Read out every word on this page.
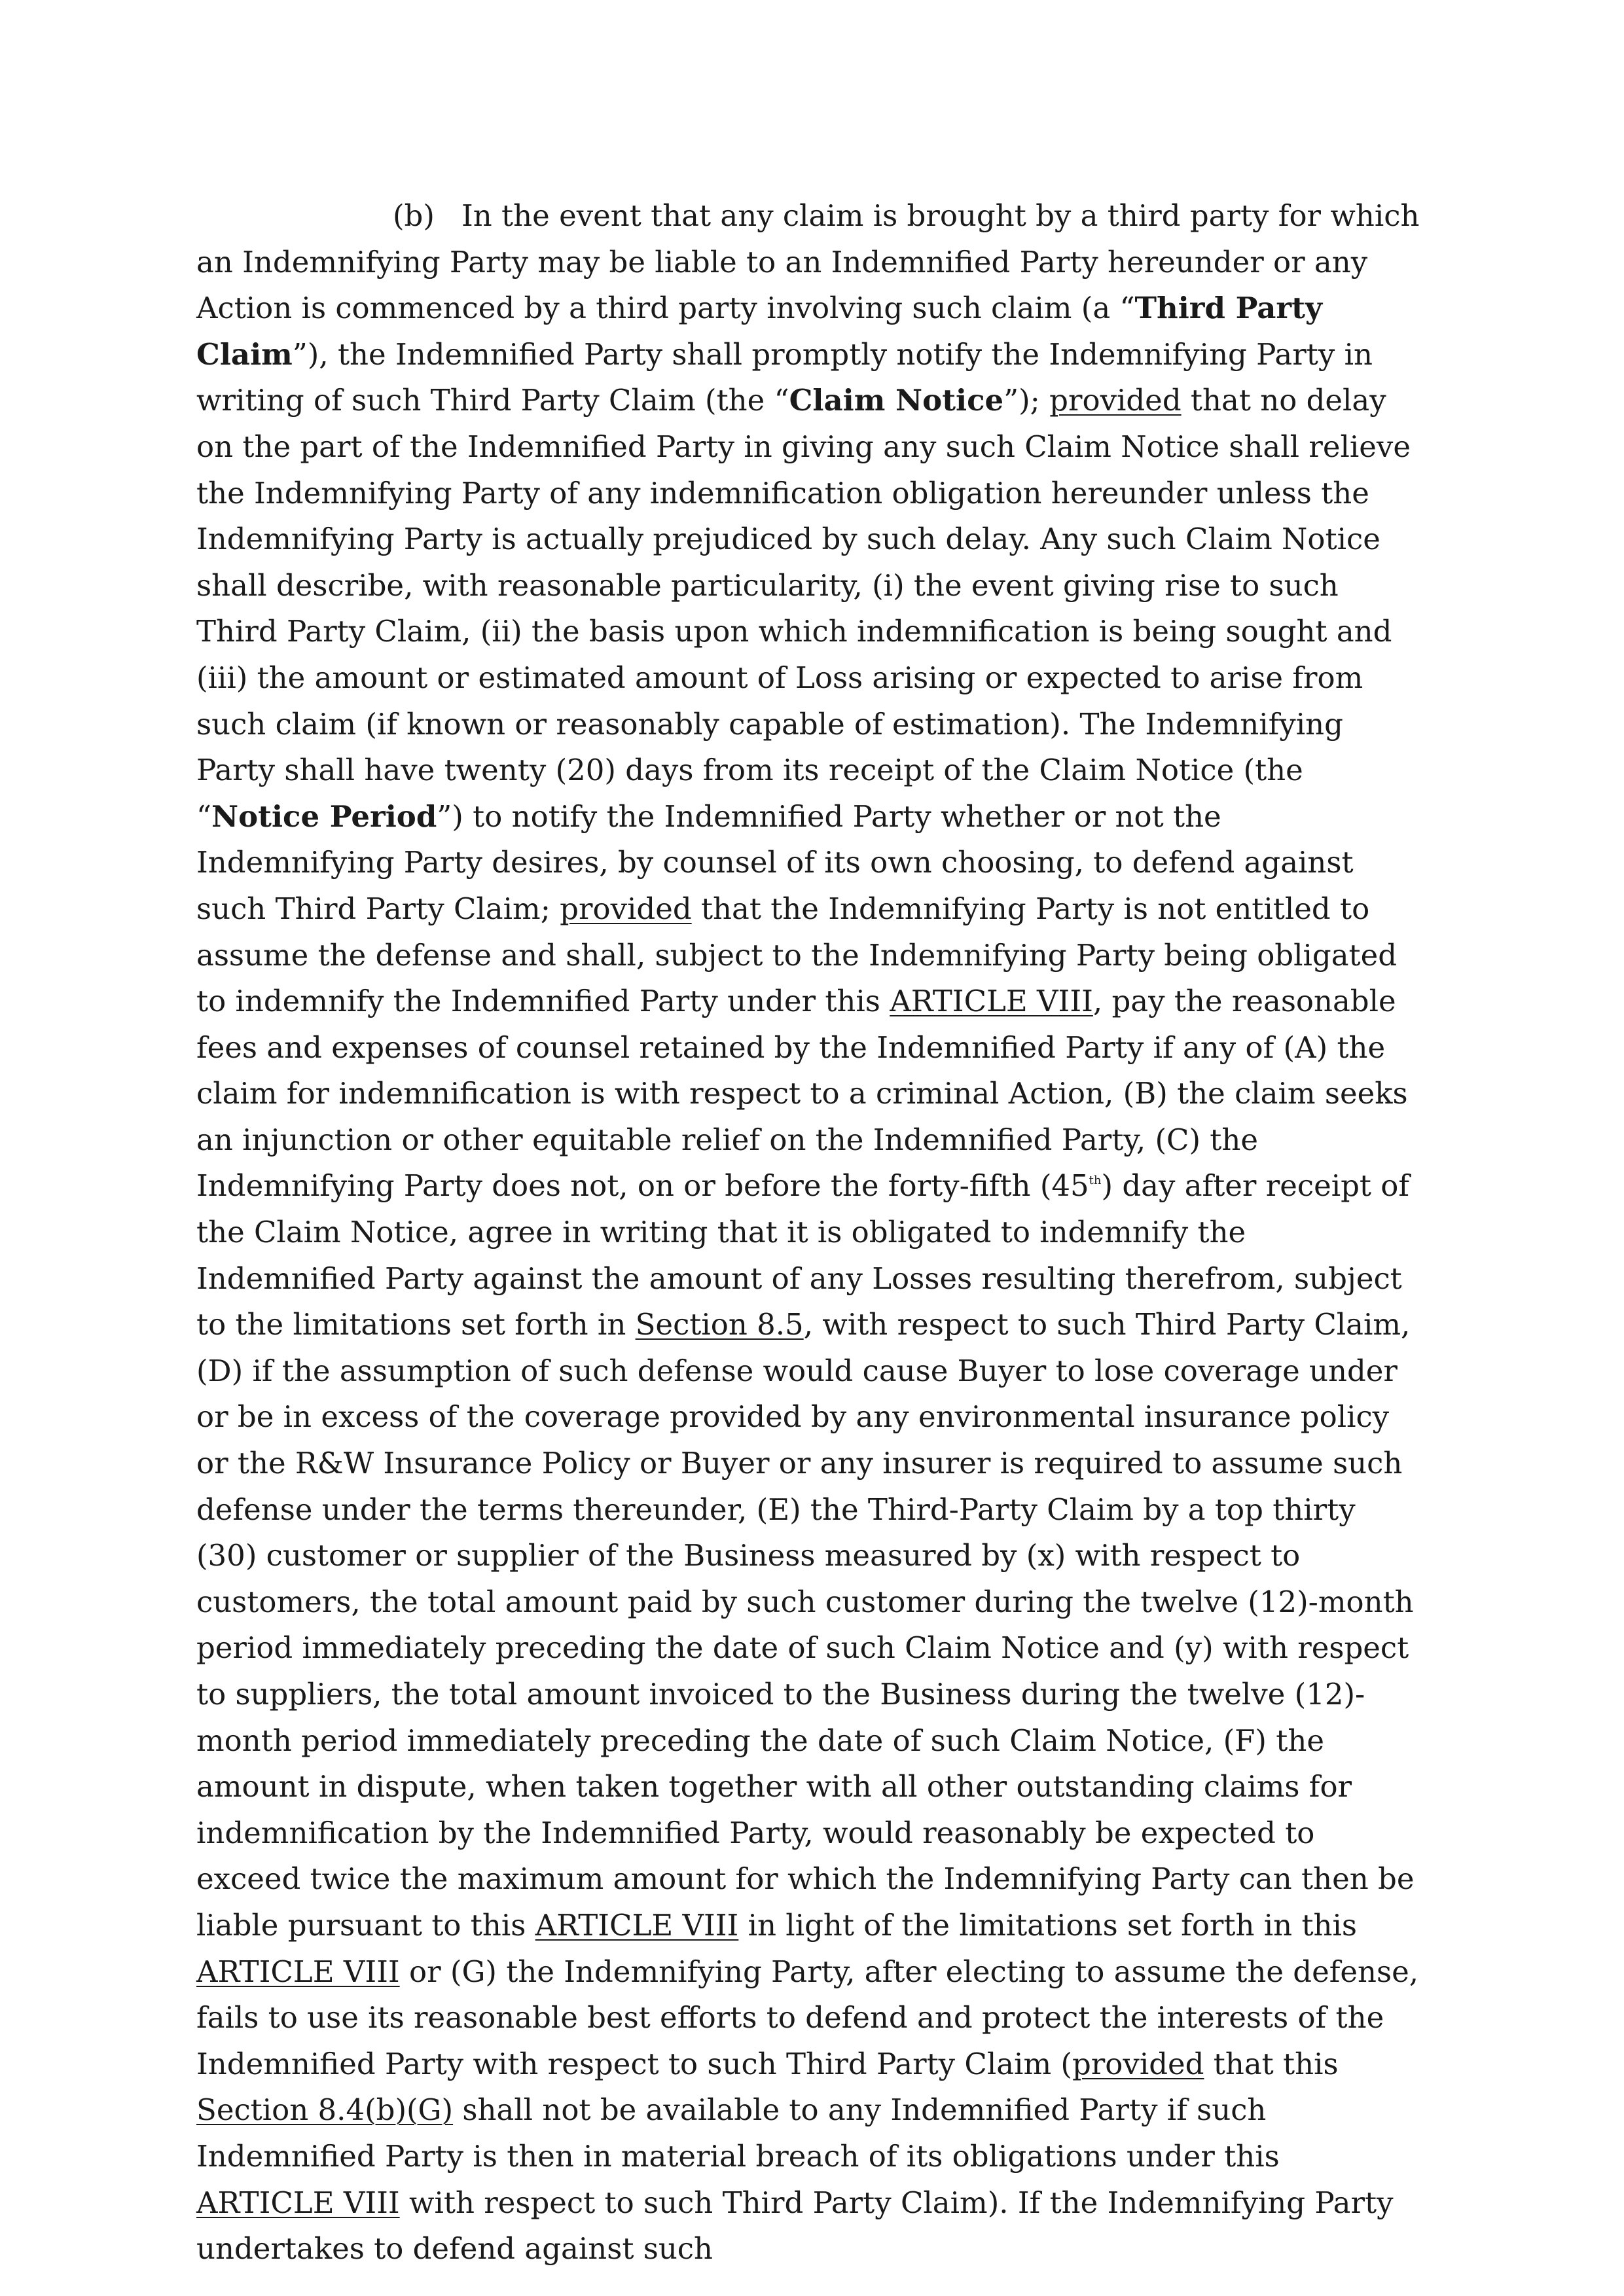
(b) In the event that any claim is brought by a third party for which an Indemnifying Party may be liable to an Indemnified Party hereunder or any Action is commenced by a third party involving such claim (a “Third Party Claim”), the Indemnified Party shall promptly notify the Indemnifying Party in writing of such Third Party Claim (the “Claim Notice”); provided that no delay on the part of the Indemnified Party in giving any such Claim Notice shall relieve the Indemnifying Party of any indemnification obligation hereunder unless the Indemnifying Party is actually prejudiced by such delay. Any such Claim Notice shall describe, with reasonable particularity, (i) the event giving rise to such Third Party Claim, (ii) the basis upon which indemnification is being sought and (iii) the amount or estimated amount of Loss arising or expected to arise from such claim (if known or reasonably capable of estimation). The Indemnifying Party shall have twenty (20) days from its receipt of the Claim Notice (the “Notice Period”) to notify the Indemnified Party whether or not the Indemnifying Party desires, by counsel of its own choosing, to defend against such Third Party Claim; provided that the Indemnifying Party is not entitled to assume the defense and shall, subject to the Indemnifying Party being obligated to indemnify the Indemnified Party under this ARTICLE VIII, pay the reasonable fees and expenses of counsel retained by the Indemnified Party if any of (A) the claim for indemnification is with respect to a criminal Action, (B) the claim seeks an injunction or other equitable relief on the Indemnified Party, (C) the Indemnifying Party does not, on or before the forty-fifth (45th) day after receipt of the Claim Notice, agree in writing that it is obligated to indemnify the Indemnified Party against the amount of any Losses resulting therefrom, subject to the limitations set forth in Section 8.5, with respect to such Third Party Claim, (D) if the assumption of such defense would cause Buyer to lose coverage under or be in excess of the coverage provided by any environmental insurance policy or the R&W Insurance Policy or Buyer or any insurer is required to assume such defense under the terms thereunder, (E) the Third-Party Claim by a top thirty (30) customer or supplier of the Business measured by (x) with respect to customers, the total amount paid by such customer during the twelve (12)-month period immediately preceding the date of such Claim Notice and (y) with respect to suppliers, the total amount invoiced to the Business during the twelve (12)-month period immediately preceding the date of such Claim Notice, (F) the amount in dispute, when taken together with all other outstanding claims for indemnification by the Indemnified Party, would reasonably be expected to exceed twice the maximum amount for which the Indemnifying Party can then be liable pursuant to this ARTICLE VIII in light of the limitations set forth in this ARTICLE VIII or (G) the Indemnifying Party, after electing to assume the defense, fails to use its reasonable best efforts to defend and protect the interests of the Indemnified Party with respect to such Third Party Claim (provided that this Section 8.4(b)(G) shall not be available to any Indemnified Party if such Indemnified Party is then in material breach of its obligations under this ARTICLE VIII with respect to such Third Party Claim). If the Indemnifying Party undertakes to defend against such
